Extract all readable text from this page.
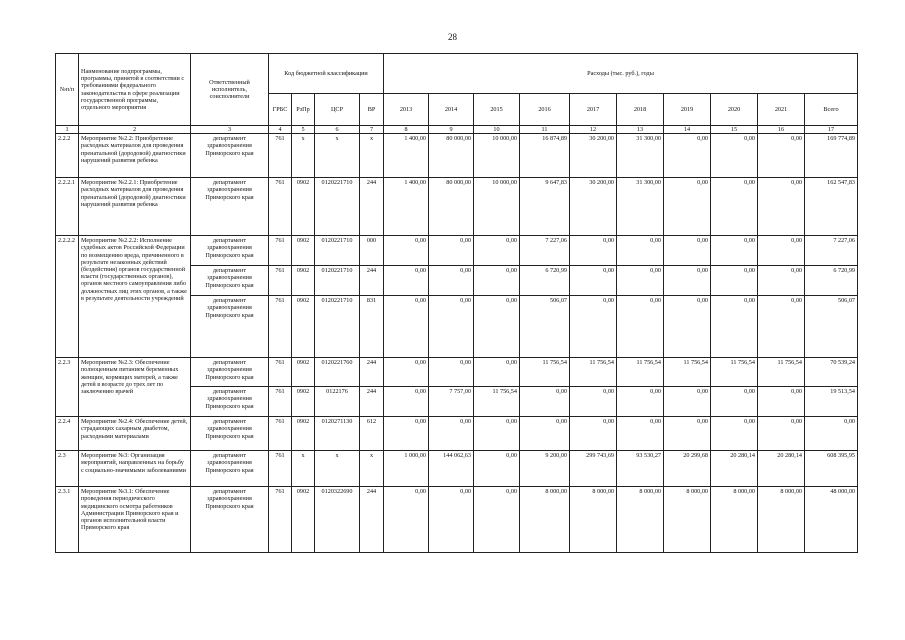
28
№п/п	Наименование подпрограммы, программы, принятой в соответствии с требованиями федерального законодательства в сфере реализации государственной программы, отдельного мероприятия	Ответственный исполнитель, соисполнители	Код бюджетной классификации				Расходы (тыс. руб.), годы									
			ГРБС	РзПр	ЦСР	ВР	2013	2014	2015	2016	2017	2018	2019	2020	2021	Всего
1	2	3	4	5	6	7	8	9	10	11	12	13	14	15	16	17
2.2.2	Мероприятие №2.2: Приобретение расходных материалов для проведения пренатальной (дородовой) диагностики нарушений развития ребенка	департамент здравоохранения Приморского края	761	х	х	х	1 400,00	80 000,00	10 000,00	16 874,89	30 200,00	31 300,00	0,00	0,00	0,00	169 774,89
2.2.2.1	Мероприятие №2.2.1: Приобретение расходных материалов для проведения пренатальной (дородовой) диагностики нарушений развития ребенка	департамент здравоохранения Приморского края	761	0902	0120221710	244	1 400,00	80 000,00	10 000,00	9 647,83	30 200,00	31 300,00	0,00	0,00	0,00	162 547,83
2.2.2.2	Мероприятие №2.2.2: Исполнение судебных актов Российской Федерации по возмещению вреда, причиненного в результате незаконных действий (бездействия) органов государственной власти (государственных органов), органов местного самоуправления либо должностных лиц этих органов, а также в результате деятельности учреждений	департамент здравоохранения Приморского края	761	0902	0120221710	000	0,00	0,00	0,00	7 227,06	0,00	0,00	0,00	0,00	0,00	7 227,06
		департамент здравоохранения Приморского края	761	0902	0120221710	244	0,00	0,00	0,00	6 720,99	0,00	0,00	0,00	0,00	0,00	6 720,99
		департамент здравоохранения Приморского края	761	0902	0120221710	831	0,00	0,00	0,00	506,07	0,00	0,00	0,00	0,00	0,00	506,07
2.2.3	Мероприятие №2.3: Обеспечение полноценным питанием беременных женщин, кормящих матерей, а также детей в возрасте до трех лет по заключению врачей	департамент здравоохранения Приморского края	761	0902	0120221760	244	0,00	0,00	0,00	11 756,54	11 756,54	11 756,54	11 756,54	11 756,54	11 756,54	70 539,24
		департамент здравоохранения Приморского края	761	0902	0122176	244	0,00	7 757,00	11 756,54	0,00	0,00	0,00	0,00	0,00	0,00	19 513,54
2.2.4	Мероприятие №2.4: Обеспечение детей, страдающих сахарным диабетом, расходными материалами	департамент здравоохранения Приморского края	761	0902	0120271130	612	0,00	0,00	0,00	0,00	0,00	0,00	0,00	0,00	0,00	0,00
2.3	Мероприятие №3: Организация мероприятий, направленных на борьбу с социально-значимыми заболеваниями	департамент здравоохранения Приморского края	761	х	х	х	1 000,00	144 062,63	0,00	9 200,00	299 743,69	93 530,27	20 299,68	20 280,14	20 280,14	608 395,95
2.3.1	Мероприятие №3.1: Обеспечение проведения периодического медицинского осмотра работников Администрации Приморского края и органов исполнительной власти Приморского края	департамент здравоохранения Приморского края	761	0902	0120322690	244	0,00	0,00	0,00	8 000,00	8 000,00	8 000,00	8 000,00	8 000,00	8 000,00	48 000,00
